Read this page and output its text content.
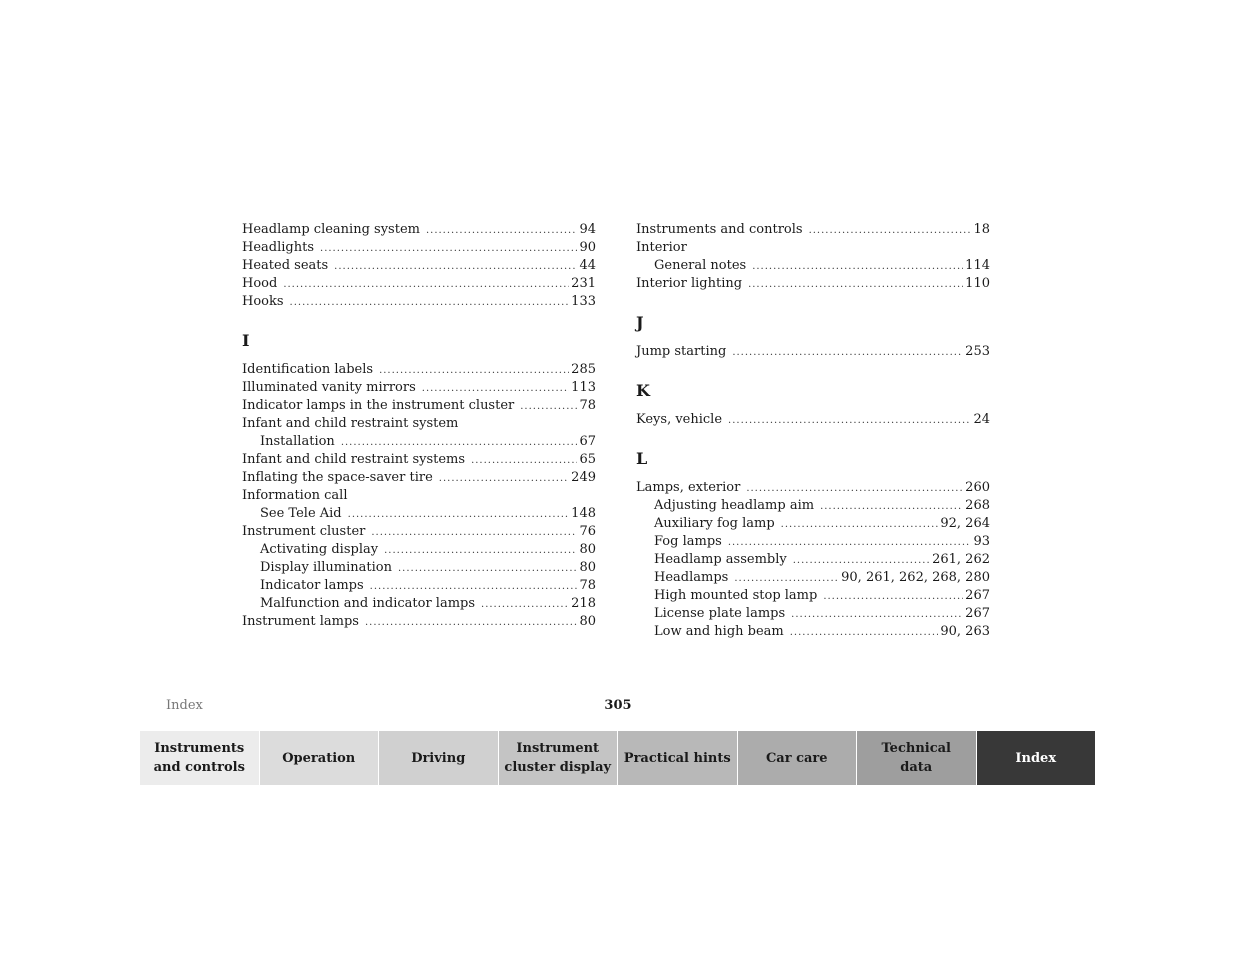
Headlamp cleaning system .....	94
Headlights .....	90
Heated seats .....	44
Hood .....	231
Hooks .....	133
I
Identification labels .....	285
Illuminated vanity mirrors .....	113
Indicator lamps in the instrument cluster .....	78
Infant and child restraint system
Installation .....	67
Infant and child restraint systems .....	65
Inflating the space-saver tire .....	249
Information call
See Tele Aid .....	148
Instrument cluster .....	76
Activating display .....	80
Display illumination .....	80
Indicator lamps .....	78
Malfunction and indicator lamps .....	218
Instrument lamps .....	80
Instruments and controls .....	18
Interior
General notes .....	114
Interior lighting .....	110
J
Jump starting .....	253
K
Keys, vehicle .....	24
L
Lamps, exterior .....	260
Adjusting headlamp aim .....	268
Auxiliary fog lamp .....	92, 264
Fog lamps .....	93
Headlamp assembly .....	261, 262
Headlamps .....	90, 261, 262, 268, 280
High mounted stop lamp .....	267
License plate lamps .....	267
Low and high beam .....	90, 263
Index	305
Instruments
and controls
Operation	Driving
Instrument
cluster display
Practical hints	Car care
Technical
data
Index
